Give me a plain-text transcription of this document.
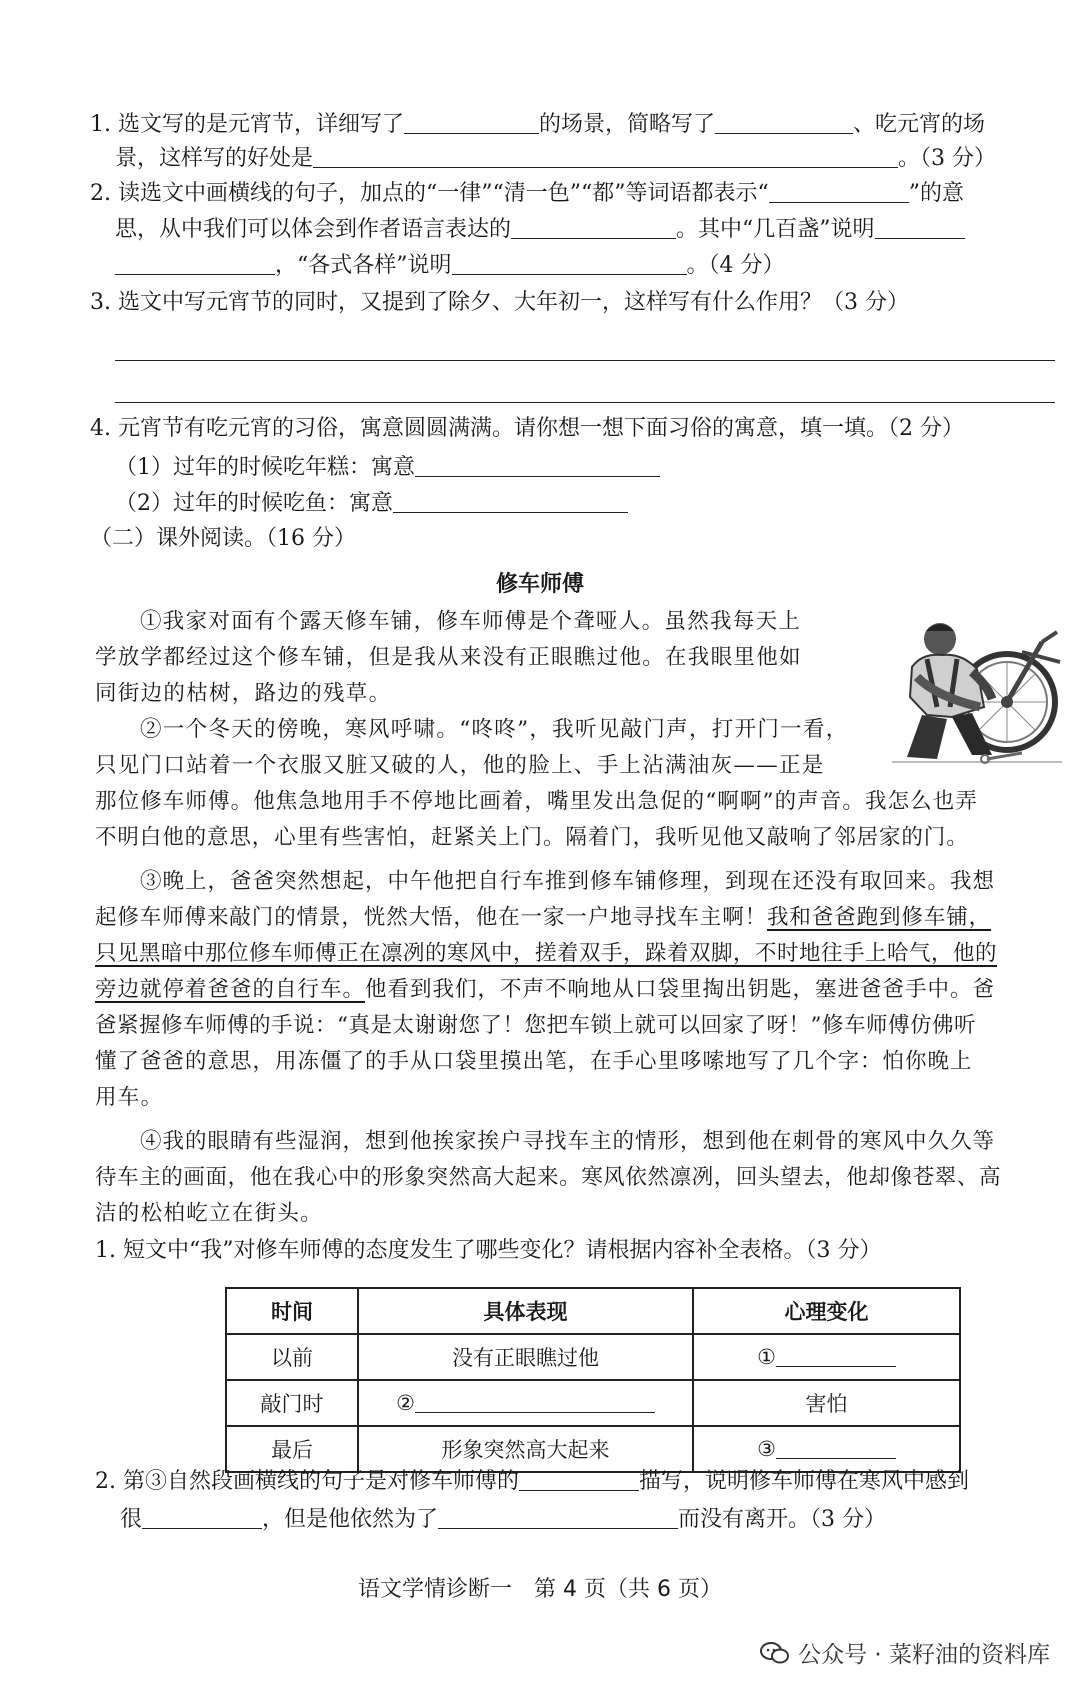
1. 选文写的是元宵节，详细写了	的场景，简略写了	、吃元宵的场
景，这样写的好处是	。（3 分）
2. 读选文中画横线的句子，加点的“一律”“清一色”“都”等词语都表示“	”的意
思，从中我们可以体会到作者语言表达的	。其中“几百盏”说明
，“各式各样”说明	。（4 分）
3. 选文中写元宵节的同时，又提到了除夕、大年初一，这样写有什么作用？（3 分）
4. 元宵节有吃元宵的习俗，寓意圆圆满满。请你想一想下面习俗的寓意，填一填。（2 分）
（1）过年的时候吃年糕：寓意
（2）过年的时候吃鱼：寓意
（二）课外阅读。（16 分）
修车师傅
①我家对面有个露天修车铺，修车师傅是个聋哑人。虽然我每天上
学放学都经过这个修车铺，但是我从来没有正眼瞧过他。在我眼里他如
同街边的枯树，路边的残草。
②一个冬天的傍晚，寒风呼啸。“咚咚”，我听见敲门声，打开门一看，
只见门口站着一个衣服又脏又破的人，他的脸上、手上沾满油灰——正是
那位修车师傅。他焦急地用手不停地比画着，嘴里发出急促的“啊啊”的声音。我怎么也弄
不明白他的意思，心里有些害怕，赶紧关上门。隔着门，我听见他又敲响了邻居家的门。
③晚上，爸爸突然想起，中午他把自行车推到修车铺修理，到现在还没有取回来。我想
起修车师傅来敲门的情景，恍然大悟，他在一家一户地寻找车主啊！我和爸爸跑到修车铺，
只见黑暗中那位修车师傅正在凛冽的寒风中，搓着双手，跺着双脚，不时地往手上哈气，他的
旁边就停着爸爸的自行车。他看到我们，不声不响地从口袋里掏出钥匙，塞进爸爸手中。爸
爸紧握修车师傅的手说：“真是太谢谢您了！您把车锁上就可以回家了呀！”修车师傅仿佛听
懂了爸爸的意思，用冻僵了的手从口袋里摸出笔，在手心里哆嗦地写了几个字：怕你晚上
用车。
④我的眼睛有些湿润，想到他挨家挨户寻找车主的情形，想到他在刺骨的寒风中久久等
待车主的画面，他在我心中的形象突然高大起来。寒风依然凛冽，回头望去，他却像苍翠、高
洁的松柏屹立在街头。
1. 短文中“我”对修车师傅的态度发生了哪些变化？请根据内容补全表格。（3 分）
时间	具体表现	心理变化
以前	没有正眼瞧过他	①
敲门时	②	害怕
最后	形象突然高大起来	③
2. 第③自然段画横线的句子是对修车师傅的	描写，说明修车师傅在寒风中感到
很	，但是他依然为了	而没有离开。（3 分）
语文学情诊断一　第 4 页（共 6 页）
公众号 · 菜籽油的资料库
